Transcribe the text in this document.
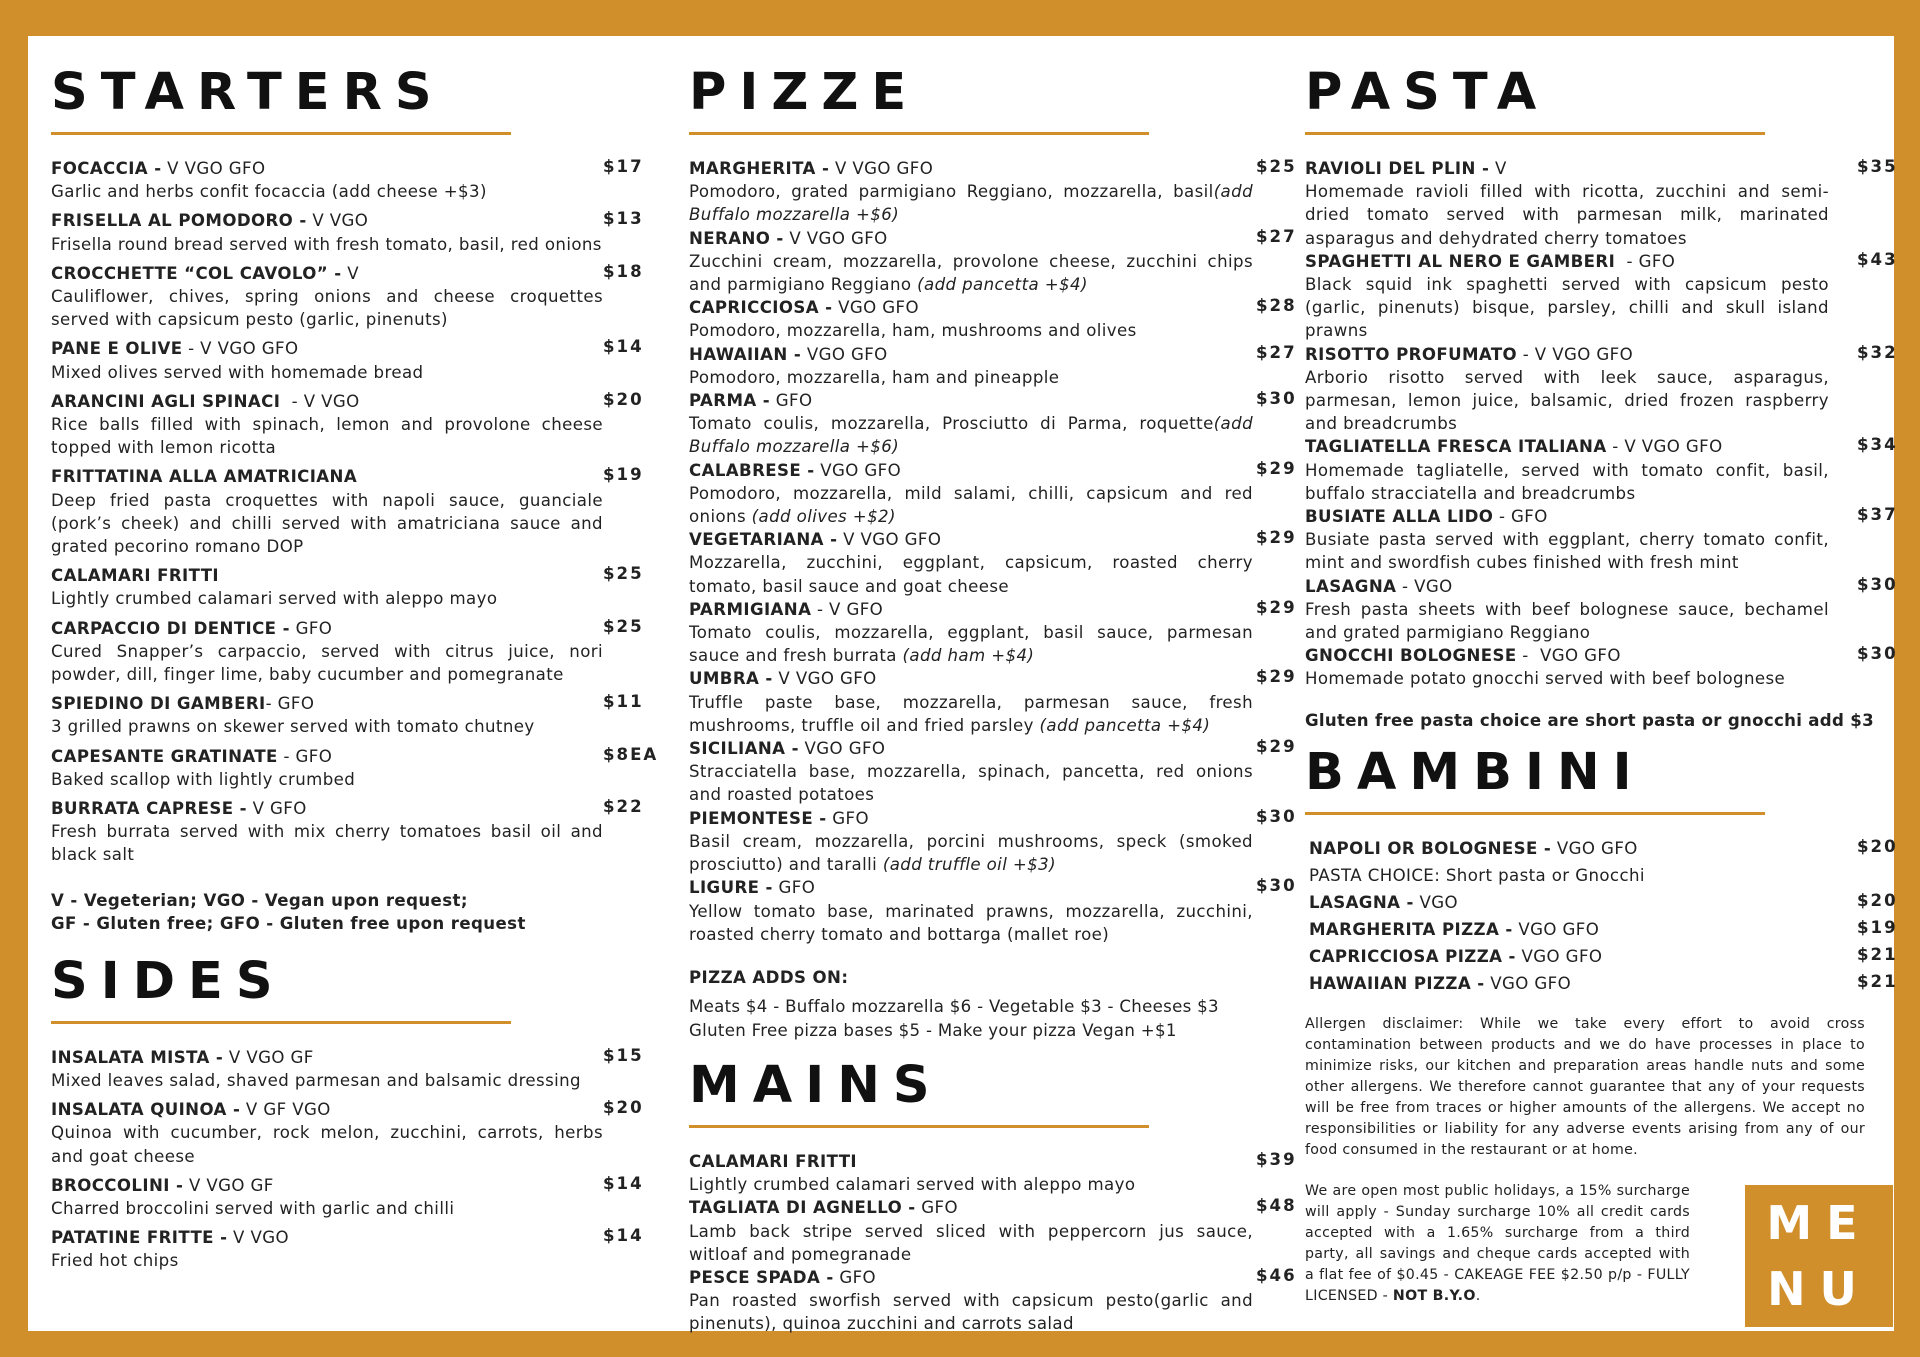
STARTERS
FOCACCIA - V VGO GFO	$17
Garlic and herbs confit focaccia (add cheese +$3)
FRISELLA AL POMODORO - V VGO	$13
Frisella round bread served with fresh tomato, basil, red onions
CROCCHETTE “COL CAVOLO” - V	$18
Cauliflower, chives, spring onions and cheese croquettes served with capsicum pesto (garlic, pinenuts)
PANE E OLIVE - V VGO GFO	$14
Mixed olives served with homemade bread
ARANCINI AGLI SPINACI  - V VGO	$20
Rice balls filled with spinach, lemon and provolone cheese topped with lemon ricotta
FRITTATINA ALLA AMATRICIANA	$19
Deep fried pasta croquettes with napoli sauce, guanciale (pork’s cheek) and chilli served with amatriciana sauce and grated pecorino romano DOP
CALAMARI FRITTI	$25
Lightly crumbed calamari served with aleppo mayo
CARPACCIO DI DENTICE - GFO	$25
Cured Snapper’s carpaccio, served with citrus juice, nori powder, dill, finger lime, baby cucumber and pomegranate
SPIEDINO DI GAMBERI- GFO	$11
3 grilled prawns on skewer served with tomato chutney
CAPESANTE GRATINATE - GFO	$8EA
Baked scallop with lightly crumbed
BURRATA CAPRESE - V GFO	$22
Fresh burrata served with mix cherry tomatoes basil oil and black salt
V - Vegeterian; VGO - Vegan upon request;
GF - Gluten free; GFO - Gluten free upon request
SIDES
INSALATA MISTA - V VGO GF	$15
Mixed leaves salad, shaved parmesan and balsamic dressing
INSALATA QUINOA - V GF VGO	$20
Quinoa with cucumber, rock melon, zucchini, carrots, herbs and goat cheese
BROCCOLINI - V VGO GF	$14
Charred broccolini served with garlic and chilli
PATATINE FRITTE - V VGO	$14
Fried hot chips
PIZZE
MARGHERITA - V VGO GFO	$25
Pomodoro, grated parmigiano Reggiano, mozzarella, basil(add Buffalo mozzarella +$6)
NERANO - V VGO GFO	$27
Zucchini cream, mozzarella, provolone cheese, zucchini chips and parmigiano Reggiano (add pancetta +$4)
CAPRICCIOSA - VGO GFO	$28
Pomodoro, mozzarella, ham, mushrooms and olives
HAWAIIAN - VGO GFO	$27
Pomodoro, mozzarella, ham and pineapple
PARMA - GFO	$30
Tomato coulis, mozzarella, Prosciutto di Parma, roquette(add Buffalo mozzarella +$6)
CALABRESE - VGO GFO	$29
Pomodoro, mozzarella, mild salami, chilli, capsicum and red onions (add olives +$2)
VEGETARIANA - V VGO GFO	$29
Mozzarella, zucchini, eggplant, capsicum, roasted cherry tomato, basil sauce and goat cheese
PARMIGIANA - V GFO	$29
Tomato coulis, mozzarella, eggplant, basil sauce, parmesan sauce and fresh burrata (add ham +$4)
UMBRA - V VGO GFO	$29
Truffle paste base, mozzarella, parmesan sauce, fresh mushrooms, truffle oil and fried parsley (add pancetta +$4)
SICILIANA - VGO GFO	$29
Stracciatella base, mozzarella, spinach, pancetta, red onions and roasted potatoes
PIEMONTESE - GFO	$30
Basil cream, mozzarella, porcini mushrooms, speck (smoked prosciutto) and taralli (add truffle oil +$3)
LIGURE - GFO	$30
Yellow tomato base, marinated prawns, mozzarella, zucchini, roasted cherry tomato and bottarga (mallet roe)
PIZZA ADDS ON:
Meats $4 - Buffalo mozzarella $6 - Vegetable $3 - Cheeses $3
Gluten Free pizza bases $5 - Make your pizza Vegan +$1
MAINS
CALAMARI FRITTI	$39
Lightly crumbed calamari served with aleppo mayo
TAGLIATA DI AGNELLO - GFO	$48
Lamb back stripe served sliced with peppercorn jus sauce, witloaf and pomegranade
PESCE SPADA - GFO	$46
Pan roasted sworfish served with capsicum pesto(garlic and pinenuts), quinoa zucchini and carrots salad
PASTA
RAVIOLI DEL PLIN - V	$35
Homemade ravioli filled with ricotta, zucchini and semi-dried tomato served with parmesan milk, marinated asparagus and dehydrated cherry tomatoes
SPAGHETTI AL NERO E GAMBERI  - GFO	$43
Black squid ink spaghetti served with capsicum pesto (garlic, pinenuts) bisque, parsley, chilli and skull island prawns
RISOTTO PROFUMATO - V VGO GFO	$32
Arborio risotto served with leek sauce, asparagus, parmesan, lemon juice, balsamic, dried frozen raspberry and breadcrumbs
TAGLIATELLA FRESCA ITALIANA - V VGO GFO	$34
Homemade tagliatelle, served with tomato confit, basil, buffalo stracciatella and breadcrumbs
BUSIATE ALLA LIDO - GFO	$37
Busiate pasta served with eggplant, cherry tomato confit, mint and swordfish cubes finished with fresh mint
LASAGNA - VGO	$30
Fresh pasta sheets with beef bolognese sauce, bechamel and grated parmigiano Reggiano
GNOCCHI BOLOGNESE -  VGO GFO	$30
Homemade potato gnocchi served with beef bolognese
Gluten free pasta choice are short pasta or gnocchi add $3
BAMBINI
NAPOLI OR BOLOGNESE - VGO GFO	$20
PASTA CHOICE: Short pasta or Gnocchi
LASAGNA - VGO	$20
MARGHERITA PIZZA - VGO GFO	$19
CAPRICCIOSA PIZZA - VGO GFO	$21
HAWAIIAN PIZZA - VGO GFO	$21
Allergen disclaimer: While we take every effort to avoid cross contamination between products and we do have processes in place to minimize risks, our kitchen and preparation areas handle nuts and some other allergens. We therefore cannot guarantee that any of your requests will be free from traces or higher amounts of the allergens. We accept no responsibilities or liability for any adverse events arising from any of our food consumed in the restaurant or at home.
We are open most public holidays, a 15% surcharge will apply - Sunday surcharge 10% all credit cards accepted with a 1.65% surcharge from a third party, all savings and cheque cards accepted with a flat fee of $0.45 - CAKEAGE FEE $2.50 p/p - FULLY LICENSED - NOT B.Y.O.
ME
NU
